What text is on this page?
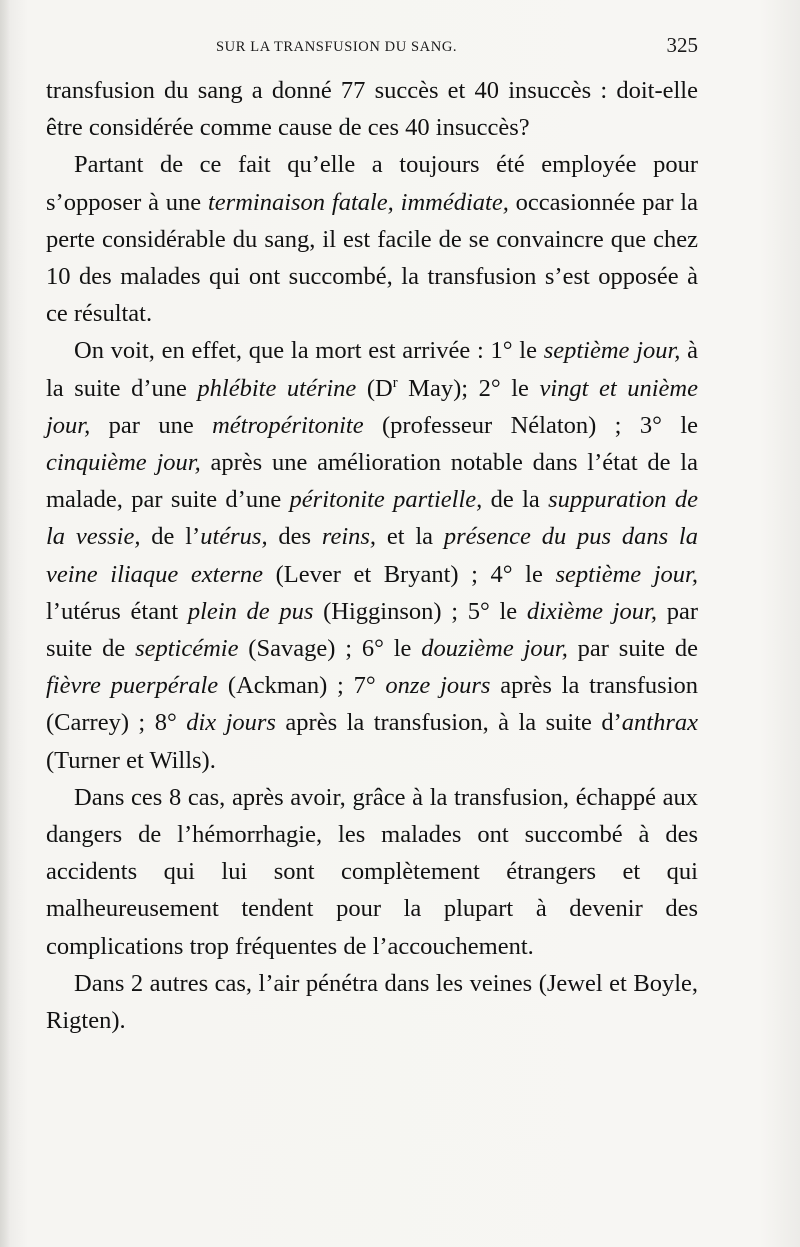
SUR LA TRANSFUSION DU SANG.	325

transfusion du sang a donné 77 succès et 40 insuccès : doit-elle être considérée comme cause de ces 40 insuccès?

Partant de ce fait qu’elle a toujours été employée pour s’opposer à une terminaison fatale, immédiate, occasionnée par la perte considérable du sang, il est facile de se convaincre que chez 10 des malades qui ont succombé, la transfusion s’est opposée à ce résultat.

On voit, en effet, que la mort est arrivée : 1° le septième jour, à la suite d’une phlébite utérine ($D^r$ May); 2° le vingt et unième jour, par une métropéritonite (professeur Nélaton) ; 3° le cinquième jour, après une amélioration notable dans l’état de la malade, par suite d’une péritonite partielle, de la suppuration de la vessie, de l’utérus, des reins, et la présence du pus dans la veine iliaque externe (Lever et Bryant) ; 4° le septième jour, l’utérus étant plein de pus (Higginson) ; 5° le dixième jour, par suite de septicémie (Savage) ; 6° le douzième jour, par suite de fièvre puerpérale (Ackman) ; 7° onze jours après la transfusion (Carrey) ; 8° dix jours après la transfusion, à la suite d’anthrax (Turner et Wills).

Dans ces 8 cas, après avoir, grâce à la transfusion, échappé aux dangers de l’hémorrhagie, les malades ont succombé à des accidents qui lui sont complètement étrangers et qui malheureusement tendent pour la plupart à devenir des complications trop fréquentes de l’accouchement.

Dans 2 autres cas, l’air pénétra dans les veines (Jewel et Boyle, Rigten).
